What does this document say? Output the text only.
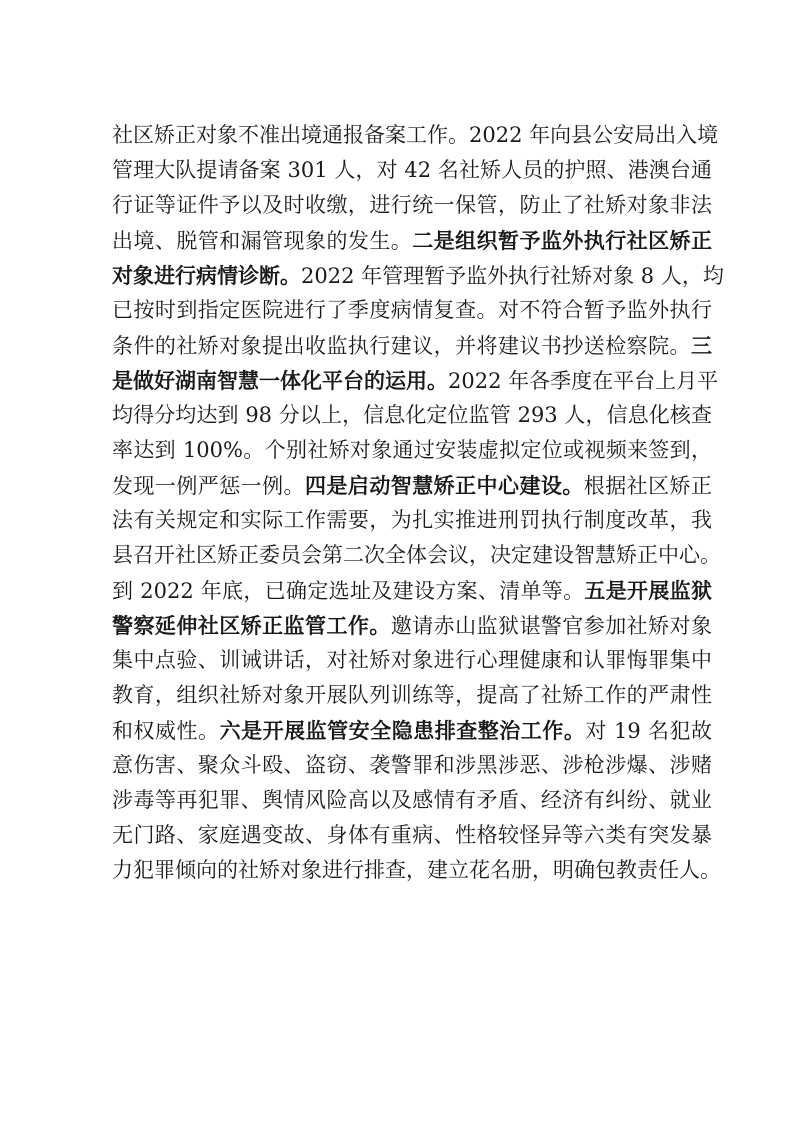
社区矫正对象不准出境通报备案工作。2022 年向县公安局出入境
管理大队提请备案 301 人，对 42 名社矫人员的护照、港澳台通
行证等证件予以及时收缴，进行统一保管，防止了社矫对象非法
出境、脱管和漏管现象的发生。二是组织暂予监外执行社区矫正
对象进行病情诊断。2022 年管理暂予监外执行社矫对象 8 人，均
已按时到指定医院进行了季度病情复查。对不符合暂予监外执行
条件的社矫对象提出收监执行建议，并将建议书抄送检察院。三
是做好湖南智慧一体化平台的运用。2022 年各季度在平台上月平
均得分均达到 98 分以上，信息化定位监管 293 人，信息化核查
率达到 100%。个别社矫对象通过安装虚拟定位或视频来签到，
发现一例严惩一例。四是启动智慧矫正中心建设。根据社区矫正
法有关规定和实际工作需要，为扎实推进刑罚执行制度改革，我
县召开社区矫正委员会第二次全体会议，决定建设智慧矫正中心。
到 2022 年底，已确定选址及建设方案、清单等。五是开展监狱
警察延伸社区矫正监管工作。邀请赤山监狱谌警官参加社矫对象
集中点验、训诫讲话，对社矫对象进行心理健康和认罪悔罪集中
教育，组织社矫对象开展队列训练等，提高了社矫工作的严肃性
和权威性。六是开展监管安全隐患排查整治工作。对 19 名犯故
意伤害、聚众斗殴、盗窃、袭警罪和涉黑涉恶、涉枪涉爆、涉赌
涉毒等再犯罪、舆情风险高以及感情有矛盾、经济有纠纷、就业
无门路、家庭遇变故、身体有重病、性格较怪异等六类有突发暴
力犯罪倾向的社矫对象进行排查，建立花名册，明确包教责任人。
